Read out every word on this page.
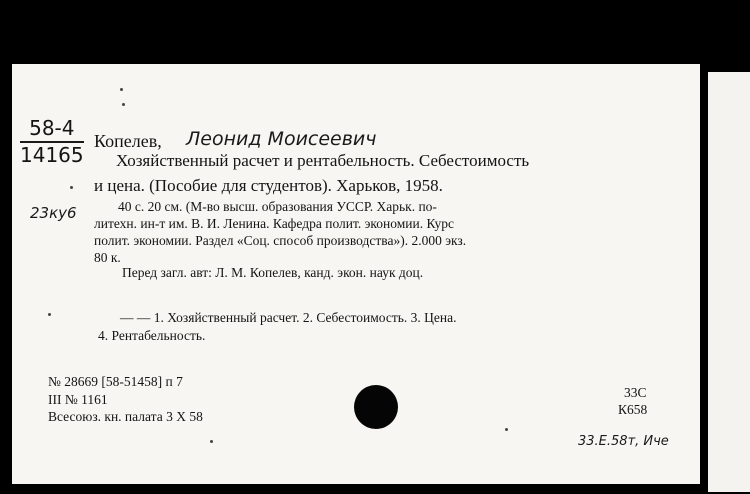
58-4
14165
23ку6
Копелев, Леонид Моисеевич
Хозяйственный расчет и рентабельность. Себестоимость
и цена. (Пособие для студентов). Харьков, 1958.
40 с. 20 см. (М-во высш. образования УССР. Харьк. по-
литехн. ин-т им. В. И. Ленина. Кафедра полит. экономии. Курс
полит. экономии. Раздел «Соц. способ производства»). 2.000 экз.
80 к.
Перед загл. авт: Л. М. Копелев, канд. экон. наук доц.
— — 1. Хозяйственный расчет. 2. Себестоимость. 3. Цена.
4. Рентабельность.
№ 28669 [58-51458] п 7
III № 1161
Всесоюз. кн. палата 3 X 58
33С
К658
33.Е.58т, Иче
